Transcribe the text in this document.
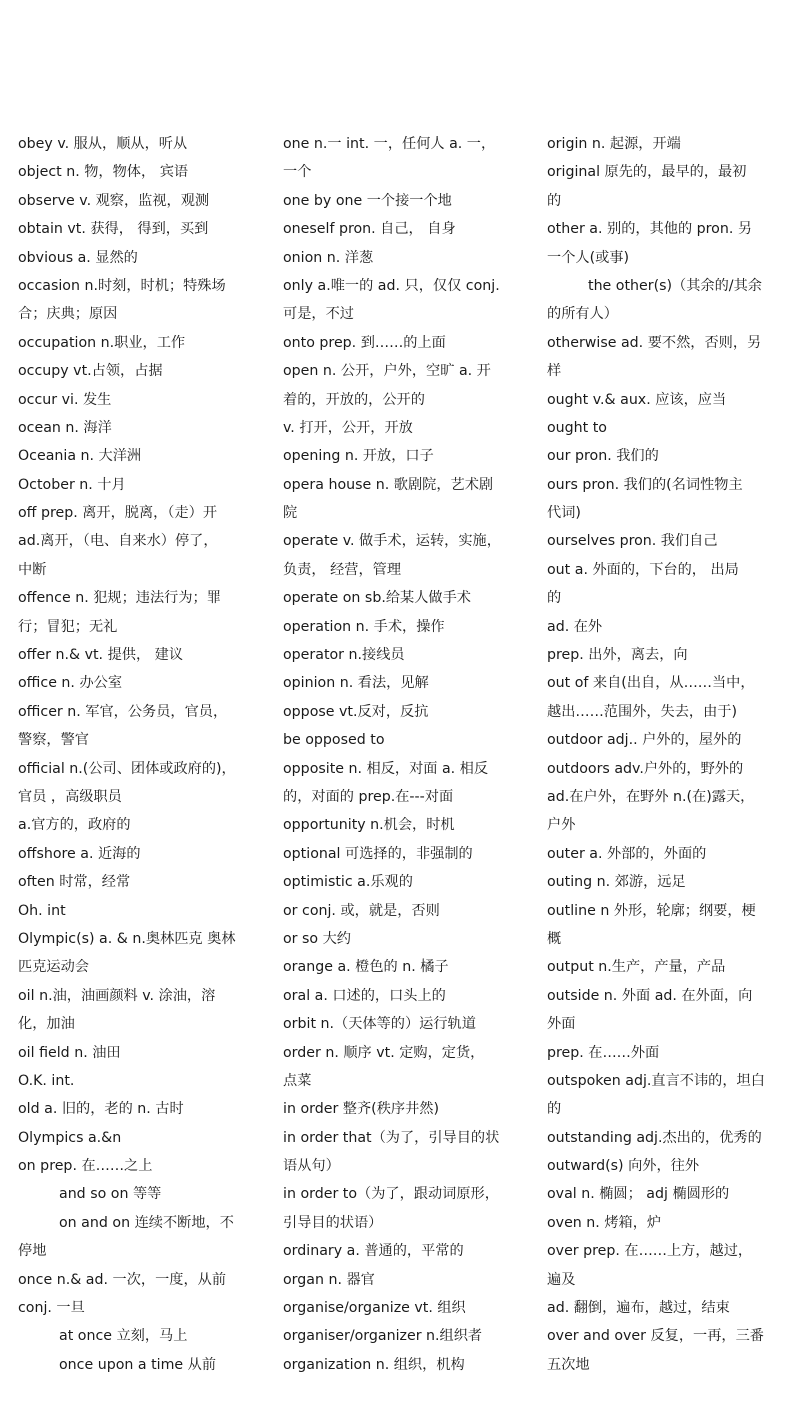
obey v. 服从，顺从，听从
object n. 物，物体， 宾语
observe v. 观察，监视，观测
obtain vt. 获得， 得到，买到
obvious a. 显然的
occasion n.时刻，时机；特殊场
合；庆典；原因
occupation n.职业，工作
occupy vt.占领，占据
occur vi. 发生
ocean n. 海洋
Oceania n. 大洋洲
October n. 十月
off prep. 离开，脱离，（走）开
ad.离开，（电、自来水）停了，
中断
offence n. 犯规；违法行为；罪
行；冒犯；无礼
offer n.& vt. 提供， 建议
office n. 办公室
officer n. 军官，公务员，官员，
警察，警官
official n.(公司、团体或政府的)，
官员 ，高级职员
a.官方的，政府的
offshore a. 近海的
often 时常，经常
Oh. int
Olympic(s) a. & n.奥林匹克 奥林
匹克运动会
oil n.油，油画颜料 v. 涂油，溶
化，加油
oil field n. 油田
O.K. int.
old a. 旧的，老的 n. 古时
Olympics a.&n
on prep. 在……之上
and so on 等等
on and on 连续不断地，不
停地
once n.& ad. 一次，一度，从前
conj. 一旦
at once 立刻，马上
once upon a time 从前
one n.一 int. 一，任何人 a. 一，
一个
one by one 一个接一个地
oneself pron. 自己， 自身
onion n. 洋葱
only a.唯一的 ad. 只，仅仅 conj.
可是，不过
onto prep. 到……的上面
open n. 公开，户外，空旷 a. 开
着的，开放的，公开的
v. 打开，公开，开放
opening n. 开放，口子
opera house n. 歌剧院，艺术剧
院
operate v. 做手术，运转，实施，
负责， 经营，管理
operate on sb.给某人做手术
operation n. 手术，操作
operator n.接线员
opinion n. 看法，见解
oppose vt.反对，反抗
be opposed to
opposite n. 相反，对面 a. 相反
的，对面的 prep.在---对面
opportunity n.机会，时机
optional 可选择的，非强制的
optimistic a.乐观的
or conj. 或，就是，否则
or so 大约
orange a. 橙色的 n. 橘子
oral a. 口述的，口头上的
orbit n.（天体等的）运行轨道
order n. 顺序 vt. 定购，定货，
点菜
in order 整齐(秩序井然)
in order that（为了，引导目的状
语从句）
in order to（为了，跟动词原形，
引导目的状语）
ordinary a. 普通的，平常的
organ n. 器官
organise/organize vt. 组织
organiser/organizer n.组织者
organization n. 组织，机构
origin n. 起源，开端
original 原先的，最早的，最初
的
other a. 别的，其他的 pron. 另
一个人(或事)
the other(s)（其余的/其余
的所有人）
otherwise ad. 要不然，否则，另
样
ought v.& aux. 应该，应当
ought to
our pron. 我们的
ours pron. 我们的(名词性物主
代词)
ourselves pron. 我们自己
out a. 外面的，下台的， 出局
的
ad. 在外
prep. 出外，离去，向
out of 来自(出自，从……当中，
越出……范围外，失去，由于)
outdoor adj.. 户外的，屋外的
outdoors adv.户外的，野外的
ad.在户外，在野外 n.(在)露天，
户外
outer a. 外部的，外面的
outing n. 郊游，远足
outline n 外形，轮廓；纲要，梗
概
output n.生产，产量，产品
outside n. 外面 ad. 在外面，向
外面
prep. 在……外面
outspoken adj.直言不讳的，坦白
的
outstanding adj.杰出的，优秀的
outward(s) 向外，往外
oval n. 椭圆； adj 椭圆形的
oven n. 烤箱，炉
over prep. 在……上方，越过，
遍及
ad. 翻倒，遍布，越过，结束
over and over 反复，一再，三番
五次地
